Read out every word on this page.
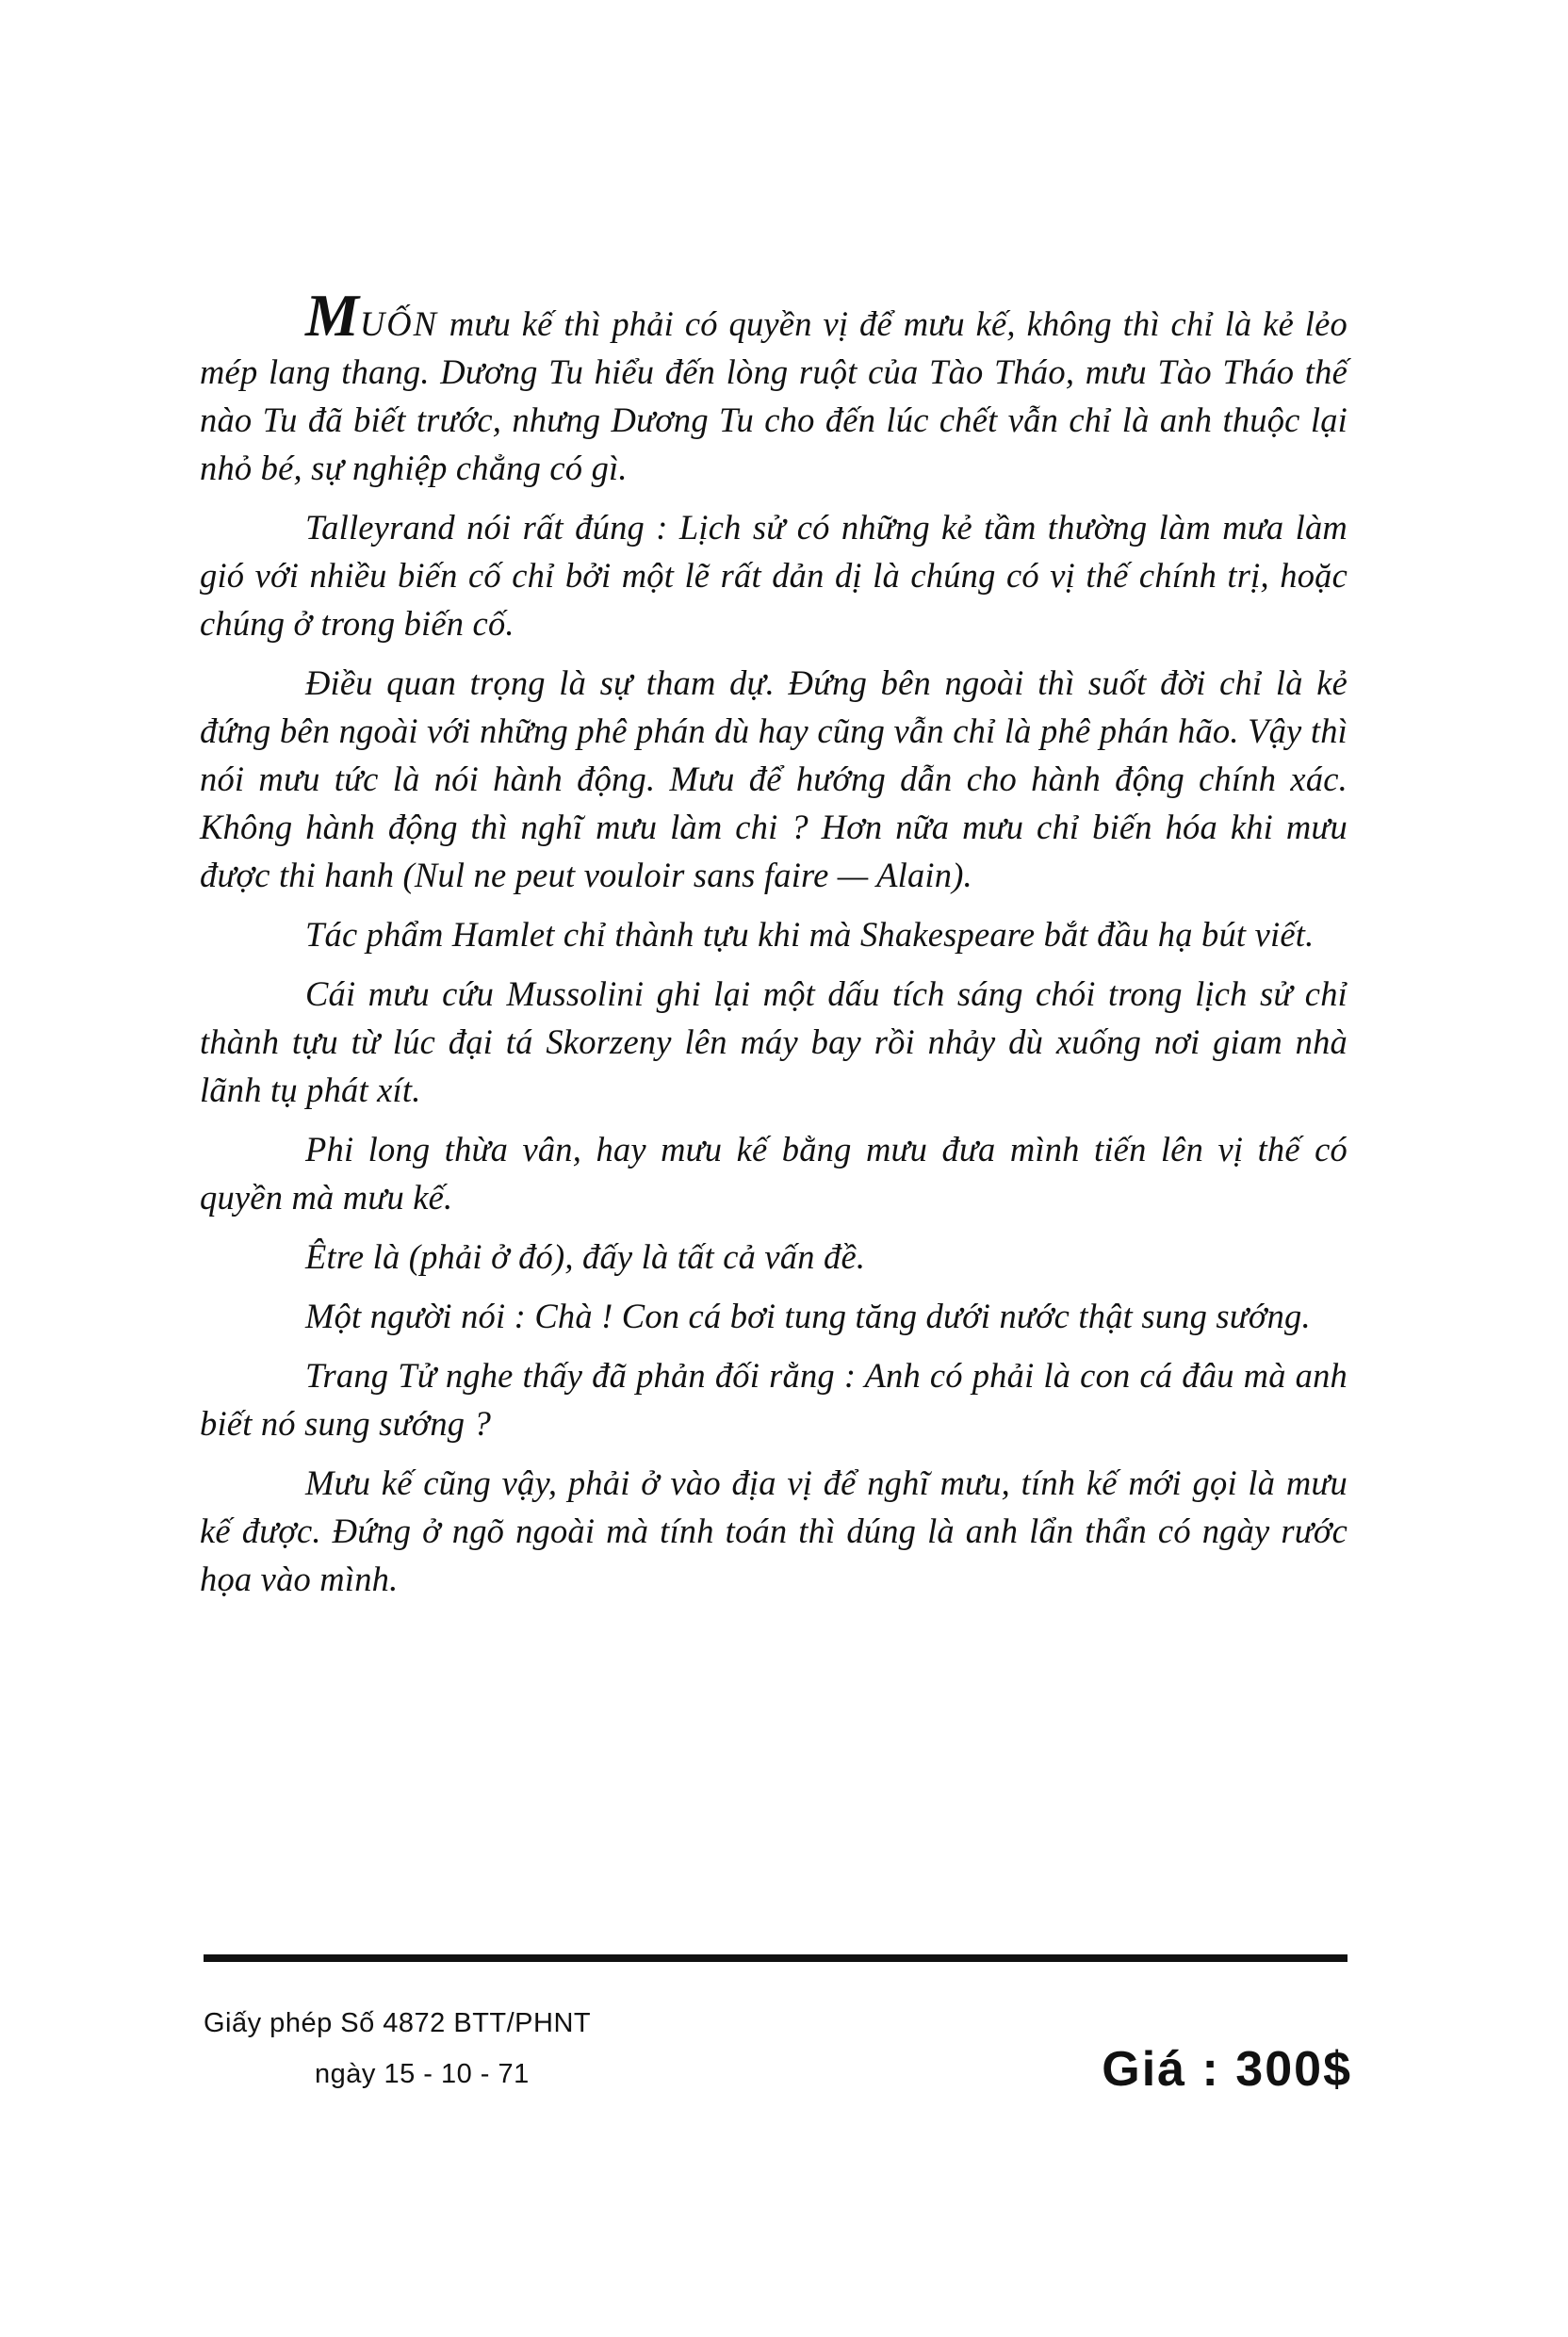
MUỐN mưu kế thì phải có quyền vị để mưu kế, không thì chỉ là kẻ lẻo mép lang thang. Dương Tu hiểu đến lòng ruột của Tào Tháo, mưu Tào Tháo thế nào Tu đã biết trước, nhưng Dương Tu cho đến lúc chết vẫn chỉ là anh thuộc lại nhỏ bé, sự nghiệp chẳng có gì.

Talleyrand nói rất đúng : Lịch sử có những kẻ tầm thường làm mưa làm gió với nhiều biến cố chỉ bởi một lẽ rất dản dị là chúng có vị thế chính trị, hoặc chúng ở trong biến cố.

Điều quan trọng là sự tham dự. Đứng bên ngoài thì suốt đời chỉ là kẻ đứng bên ngoài với những phê phán dù hay cũng vẫn chỉ là phê phán hão. Vậy thì nói mưu tức là nói hành động. Mưu để hướng dẫn cho hành động chính xác. Không hành động thì nghĩ mưu làm chi ? Hơn nữa mưu chỉ biến hóa khi mưu được thi hanh (Nul ne peut vouloir sans faire — Alain).

Tác phẩm Hamlet chỉ thành tựu khi mà Shakespeare bắt đầu hạ bút viết.

Cái mưu cứu Mussolini ghi lại một dấu tích sáng chói trong lịch sử chỉ thành tựu từ lúc đại tá Skorzeny lên máy bay rồi nhảy dù xuống nơi giam nhà lãnh tụ phát xít.

Phi long thừa vân, hay mưu kế bằng mưu đưa mình tiến lên vị thế có quyền mà mưu kế.

Être là (phải ở đó), đấy là tất cả vấn đề.

Một người nói : Chà ! Con cá bơi tung tăng dưới nước thật sung sướng.

Trang Tử nghe thấy đã phản đối rằng : Anh có phải là con cá đâu mà anh biết nó sung sướng ?

Mưu kế cũng vậy, phải ở vào địa vị để nghĩ mưu, tính kế mới gọi là mưu kế được. Đứng ở ngõ ngoài mà tính toán thì dúng là anh lẩn thẩn có ngày rước họa vào mình.

Giấy phép Số 4872 BTT/PHNT
ngày 15 - 10 - 71	Giá : 300$
